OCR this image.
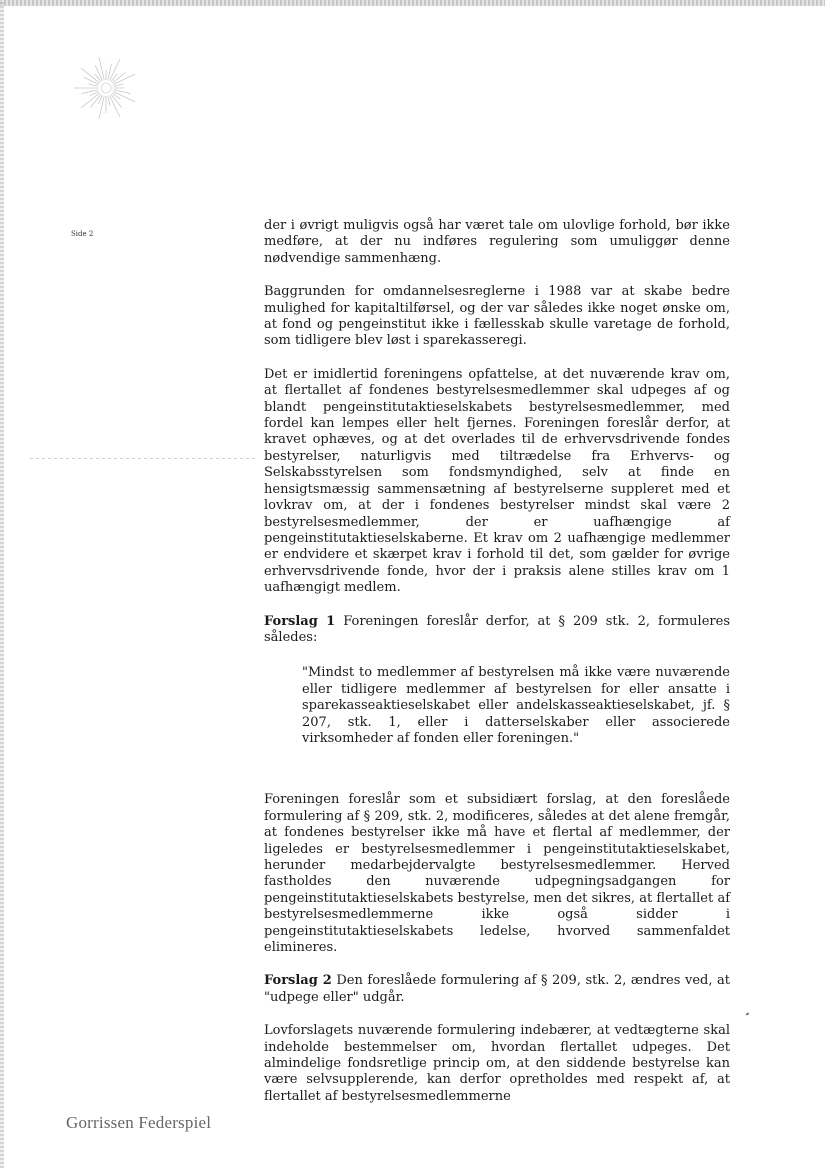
Side 2

der i øvrigt muligvis også har været tale om ulovlige forhold, bør ikke medføre, at der nu indføres regulering som umuliggør denne nødvendige sammenhæng.

Baggrunden for omdannelsesreglerne i 1988 var at skabe bedre mulighed for kapitaltilførsel, og der var således ikke noget ønske om, at fond og pengeinstitut ikke i fællesskab skulle varetage de forhold, som tidligere blev løst i sparekasseregi.

Det er imidlertid foreningens opfattelse, at det nuværende krav om, at flertallet af fondenes bestyrelsesmedlemmer skal udpeges af og blandt pengeinstitutaktieselskabets bestyrelsesmedlemmer, med fordel kan lempes eller helt fjernes. Foreningen foreslår derfor, at kravet ophæves, og at det overlades til de erhvervsdrivende fondes bestyrelser, naturligvis med tiltrædelse fra Erhvervs- og Selskabsstyrelsen som fondsmyndighed, selv at finde en hensigtsmæssig sammensætning af bestyrelserne suppleret med et lovkrav om, at der i fondenes bestyrelser mindst skal være 2 bestyrelsesmedlemmer, der er uafhængige af pengeinstitutaktieselskaberne. Et krav om 2 uafhængige medlemmer er endvidere et skærpet krav i forhold til det, som gælder for øvrige erhvervsdrivende fonde, hvor der i praksis alene stilles krav om 1 uafhængigt medlem.

Forslag 1 Foreningen foreslår derfor, at § 209 stk. 2, formuleres således:

"Mindst to medlemmer af bestyrelsen må ikke være nuværende eller tidligere medlemmer af bestyrelsen for eller ansatte i sparekasseaktieselskabet eller andelskasseaktieselskabet, jf. § 207, stk. 1, eller i datterselskaber eller associerede virksomheder af fonden eller foreningen."

Foreningen foreslår som et subsidiært forslag, at den foreslåede formulering af § 209, stk. 2, modificeres, således at det alene fremgår, at fondenes bestyrelser ikke må have et flertal af medlemmer, der ligeledes er bestyrelsesmedlemmer i pengeinstitutaktieselskabet, herunder medarbejdervalgte bestyrelsesmedlemmer. Herved fastholdes den nuværende udpegningsadgangen for pengeinstitutaktieselskabets bestyrelse, men det sikres, at flertallet af bestyrelsesmedlemmerne ikke også sidder i pengeinstitutaktieselskabets ledelse, hvorved sammenfaldet elimineres.

Forslag 2 Den foreslåede formulering af § 209, stk. 2, ændres ved, at "udpege eller" udgår.

Lovforslagets nuværende formulering indebærer, at vedtægterne skal indeholde bestemmelser om, hvordan flertallet udpeges. Det almindelige fondsretlige princip om, at den siddende bestyrelse kan være selvsupplerende, kan derfor opretholdes med respekt af, at flertallet af bestyrelsesmedlemmerne

Gorrissen Federspiel
